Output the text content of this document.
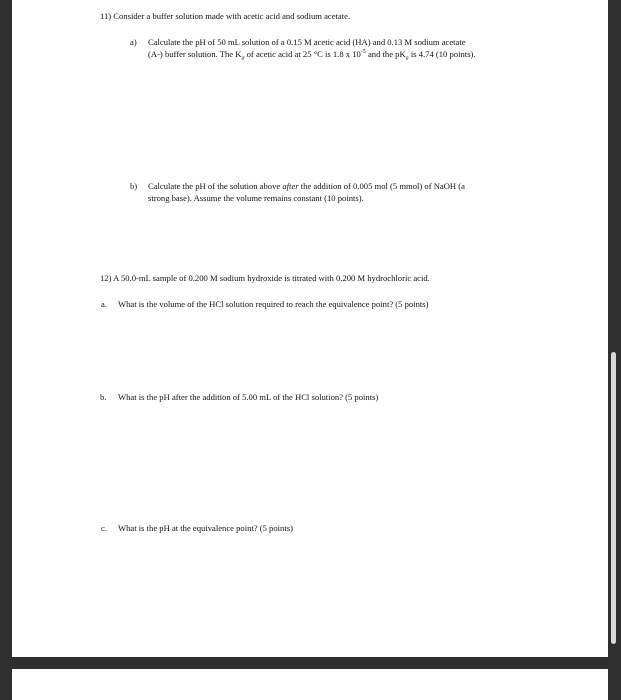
11) Consider a buffer solution made with acetic acid and sodium acetate.
a) Calculate the pH of 50 mL solution of a 0.15 M acetic acid (HA) and 0.13 M sodium acetate
(A-) buffer solution. The $K_a$ of acetic acid at 25 °C is 1.8 x $10^{-5}$ and the $pK_a$ is 4.74 (10 points).
b) Calculate the pH of the solution above after the addition of 0.005 mol (5 mmol) of NaOH (a
strong base). Assume the volume remains constant (10 points).
12) A 50.0-mL sample of 0.200 M sodium hydroxide is titrated with 0.200 M hydrochloric acid.
a. What is the volume of the HCl solution required to reach the equivalence point? (5 points)
b. What is the pH after the addition of 5.00 mL of the HCl solution? (5 points)
c. What is the pH at the equivalence point? (5 points)
